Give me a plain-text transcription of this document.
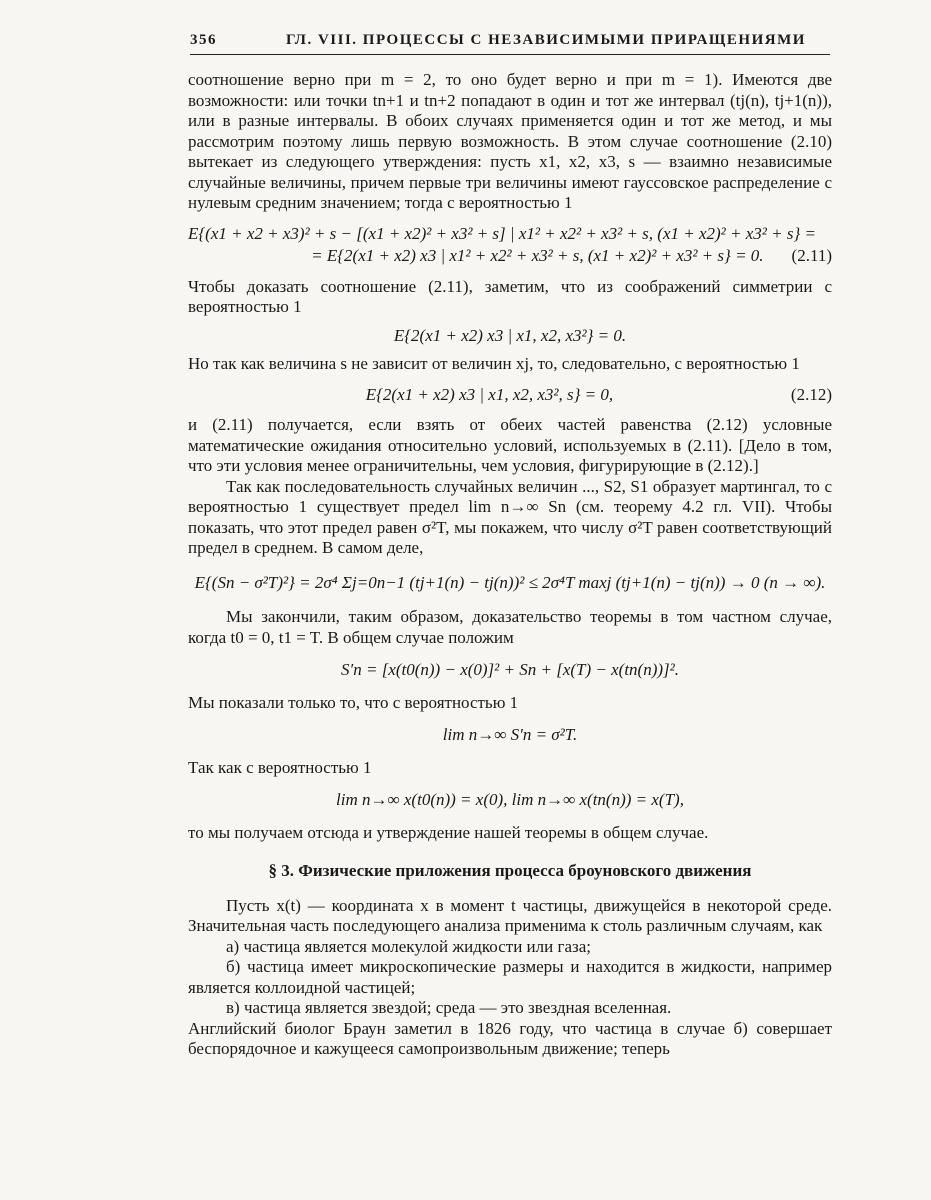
356	ГЛ. VIII. ПРОЦЕССЫ С НЕЗАВИСИМЫМИ ПРИРАЩЕНИЯМИ

соотношение верно при m = 2, то оно будет верно и при m = 1). Имеются две возможности: или точки tn+1 и tn+2 попадают в один и тот же интервал (tj(n), tj+1(n)), или в разные интервалы. В обоих случаях применяется один и тот же метод, и мы рассмотрим поэтому лишь первую возможность. В этом случае соотношение (2.10) вытекает из следующего утверждения: пусть x1, x2, x3, s — взаимно независимые случайные величины, причем первые три величины имеют гауссовское распределение с нулевым средним значением; тогда с вероятностью 1

E{(x1 + x2 + x3)² + s − [(x1 + x2)² + x3² + s] | x1² + x2² + x3² + s, (x1 + x2)² + x3² + s} =
= E{2(x1 + x2) x3 | x1² + x2² + x3² + s, (x1 + x2)² + x3² + s} = 0.	(2.11)

Чтобы доказать соотношение (2.11), заметим, что из соображений симметрии с вероятностью 1

E{2(x1 + x2) x3 | x1, x2, x3²} = 0.

Но так как величина s не зависит от величин xj, то, следовательно, с вероятностью 1

E{2(x1 + x2) x3 | x1, x2, x3², s} = 0,	(2.12)

и (2.11) получается, если взять от обеих частей равенства (2.12) условные математические ожидания относительно условий, используемых в (2.11). [Дело в том, что эти условия менее ограничительны, чем условия, фигурирующие в (2.12).]

Так как последовательность случайных величин ..., S2, S1 образует мартингал, то с вероятностью 1 существует предел lim n→∞ Sn (см. теорему 4.2 гл. VII). Чтобы показать, что этот предел равен σ²T, мы покажем, что числу σ²T равен соответствующий предел в среднем. В самом деле,

E{(Sn − σ²T)²} = 2σ⁴ Σj=0n−1 (tj+1(n) − tj(n))² ≤ 2σ⁴T maxj (tj+1(n) − tj(n)) → 0 (n → ∞).

Мы закончили, таким образом, доказательство теоремы в том частном случае, когда t0 = 0, t1 = T. В общем случае положим

S′n = [x(t0(n)) − x(0)]² + Sn + [x(T) − x(tn(n))]².

Мы показали только то, что с вероятностью 1

lim n→∞ S′n = σ²T.

Так как с вероятностью 1

lim n→∞ x(t0(n)) = x(0), lim n→∞ x(tn(n)) = x(T),

то мы получаем отсюда и утверждение нашей теоремы в общем случае.

§ 3. Физические приложения процесса броуновского движения

Пусть x(t) — координата x в момент t частицы, движущейся в некоторой среде. Значительная часть последующего анализа применима к столь различным случаям, как

а) частица является молекулой жидкости или газа;

б) частица имеет микроскопические размеры и находится в жидкости, например является коллоидной частицей;

в) частица является звездой; среда — это звездная вселенная.

Английский биолог Браун заметил в 1826 году, что частица в случае б) совершает беспорядочное и кажущееся самопроизвольным движение; теперь
